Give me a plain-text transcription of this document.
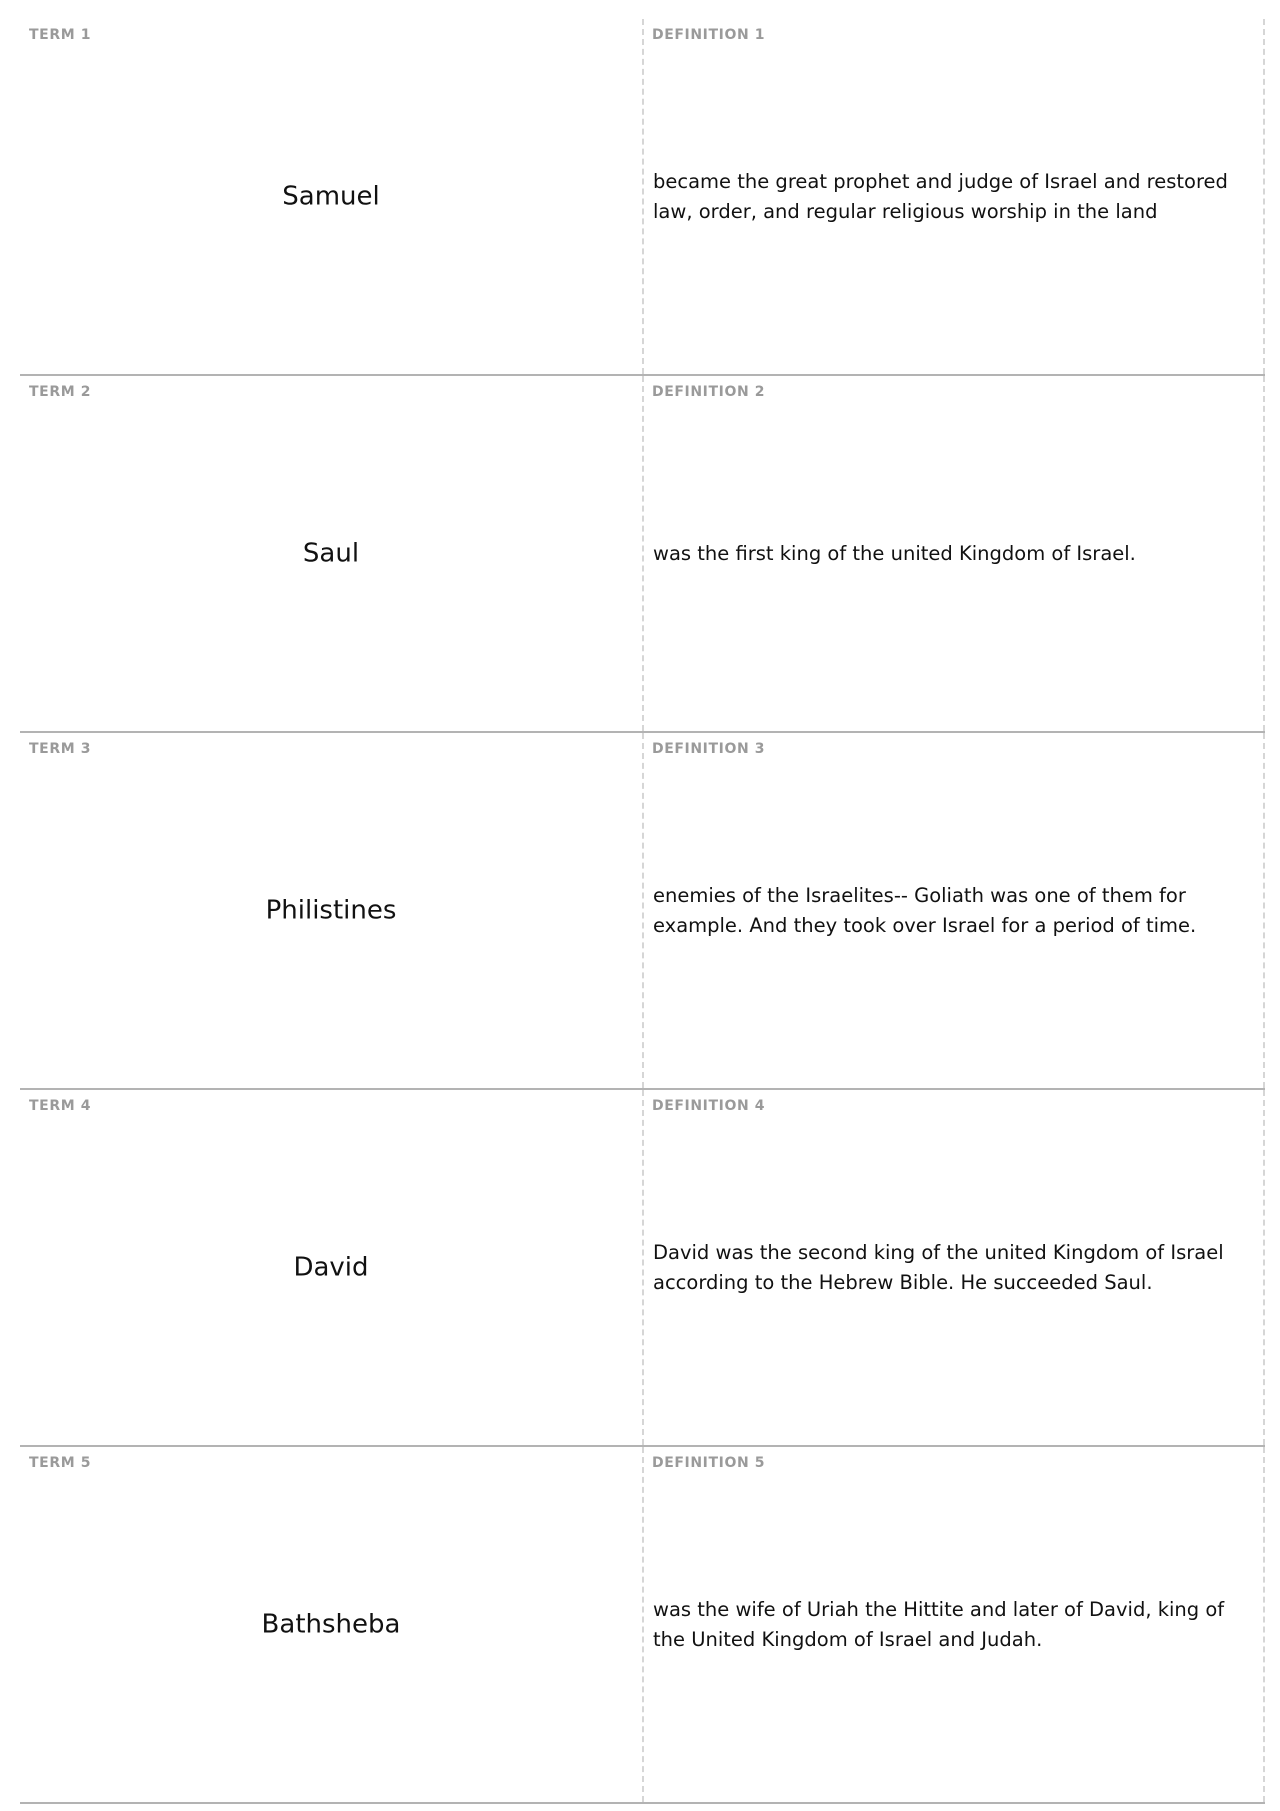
TERM 1
Samuel
DEFINITION 1
became the great prophet and judge of Israel and restored law, order, and regular religious worship in the land
TERM 2
Saul
DEFINITION 2
was the first king of the united Kingdom of Israel.
TERM 3
Philistines
DEFINITION 3
enemies of the Israelites-- Goliath was one of them for example. And they took over Israel for a period of time.
TERM 4
David
DEFINITION 4
David was the second king of the united Kingdom of Israel according to the Hebrew Bible. He succeeded Saul.
TERM 5
Bathsheba
DEFINITION 5
was the wife of Uriah the Hittite and later of David, king of the United Kingdom of Israel and Judah.
